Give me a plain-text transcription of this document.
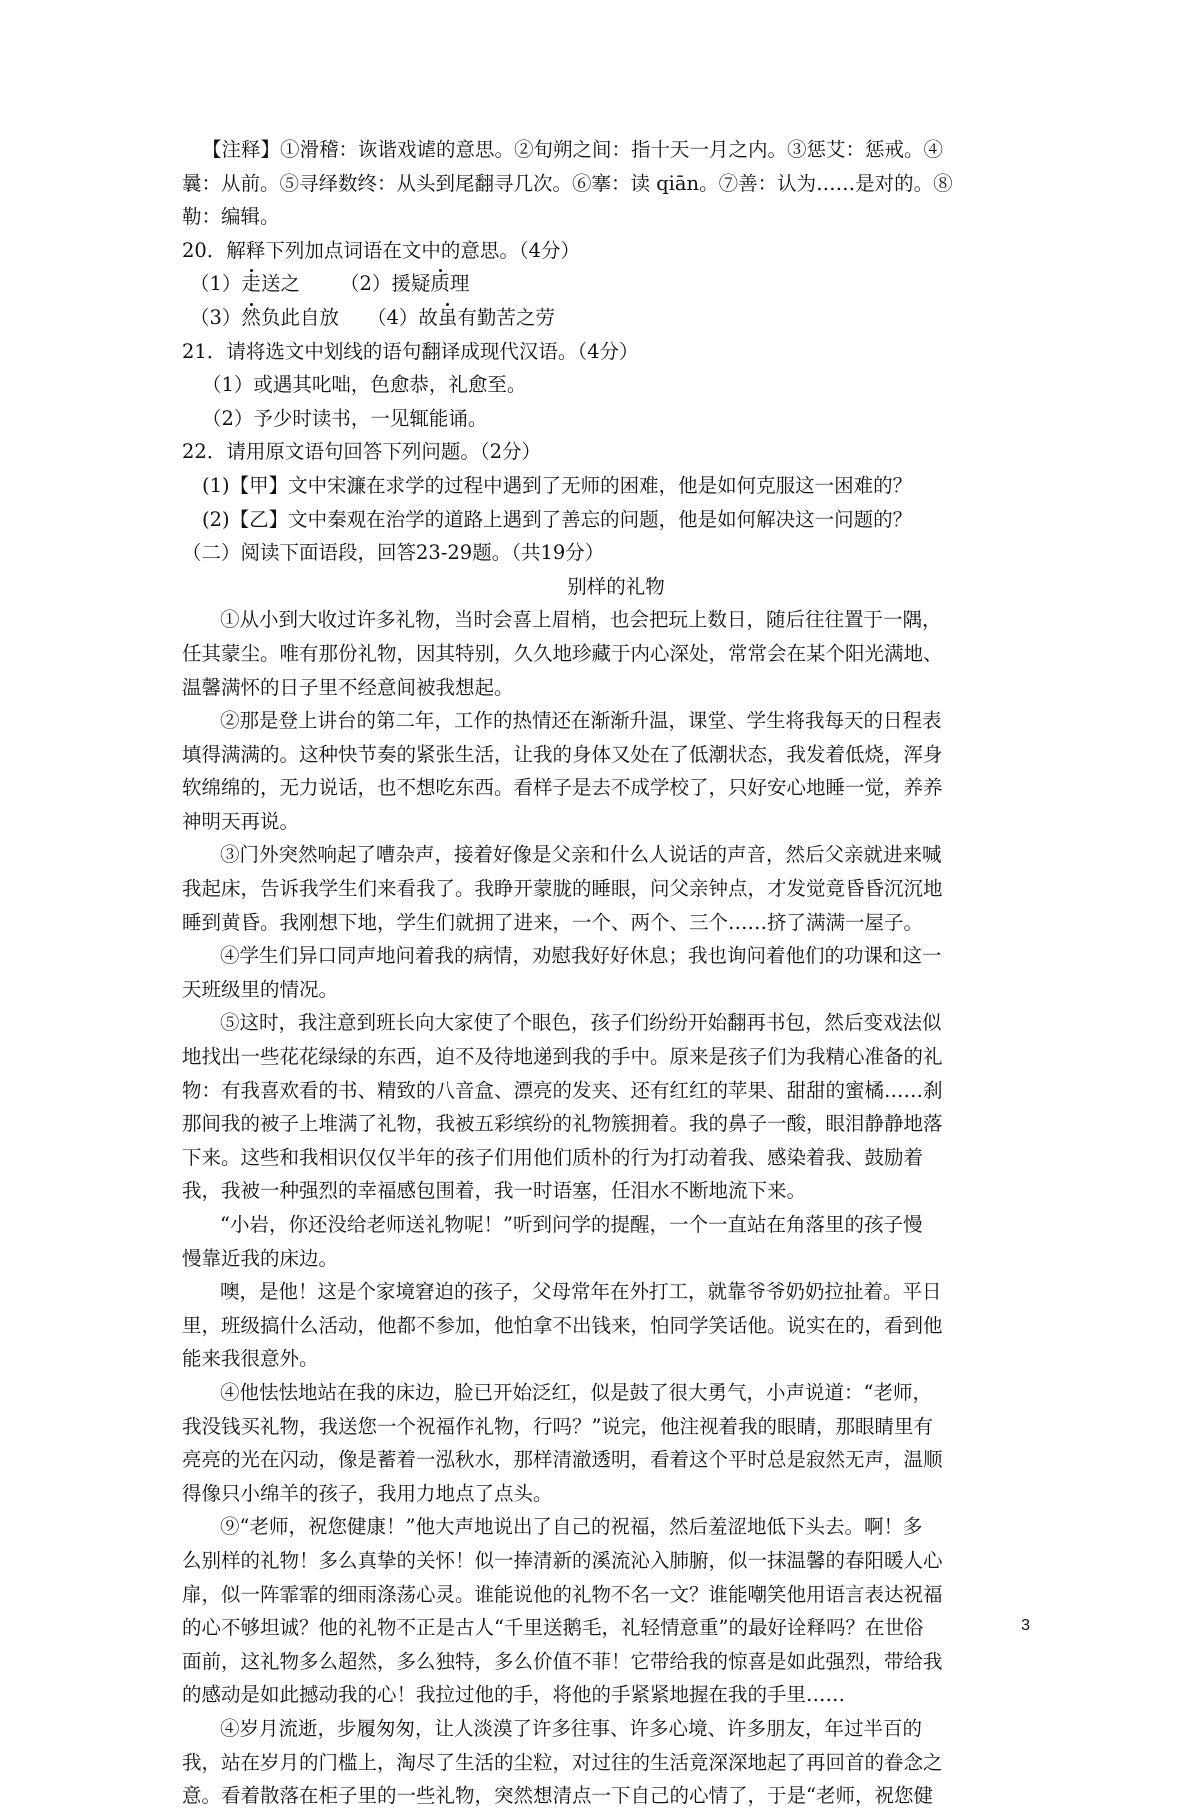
【注释】①滑稽：诙谐戏谑的意思。②旬朔之间：指十天一月之内。③惩艾：惩戒。④
曩：从前。⑤寻绎数终：从头到尾翻寻几次。⑥搴：读 qiān。⑦善：认为……是对的。⑧
勒：编辑。
20．解释下列加点词语在文中的意思。（4分）
（1）走送之 （2）援疑质理
（3）然负此自放 （4）故虽有勤苦之劳
21．请将选文中划线的语句翻译成现代汉语。（4分）
（1）或遇其叱咄，色愈恭，礼愈至。
（2）予少时读书，一见辄能诵。
22．请用原文语句回答下列问题。（2分）
(1)【甲】文中宋濂在求学的过程中遇到了无师的困难，他是如何克服这一困难的？
(2)【乙】文中秦观在治学的道路上遇到了善忘的问题，他是如何解决这一问题的？
（二）阅读下面语段，回答23-29题。（共19分）
别样的礼物
①从小到大收过许多礼物，当时会喜上眉梢，也会把玩上数日，随后往往置于一隅，
任其蒙尘。唯有那份礼物，因其特别，久久地珍藏于内心深处，常常会在某个阳光满地、
温馨满怀的日子里不经意间被我想起。
②那是登上讲台的第二年，工作的热情还在渐渐升温，课堂、学生将我每天的日程表
填得满满的。这种快节奏的紧张生活，让我的身体又处在了低潮状态，我发着低烧，浑身
软绵绵的，无力说话，也不想吃东西。看样子是去不成学校了，只好安心地睡一觉，养养
神明天再说。
③门外突然响起了嘈杂声，接着好像是父亲和什么人说话的声音，然后父亲就进来喊
我起床，告诉我学生们来看我了。我睁开蒙胧的睡眼，问父亲钟点，才发觉竟昏昏沉沉地
睡到黄昏。我刚想下地，学生们就拥了进来，一个、两个、三个……挤了满满一屋子。
④学生们异口同声地问着我的病情，劝慰我好好休息；我也询问着他们的功课和这一
天班级里的情况。
⑤这时，我注意到班长向大家使了个眼色，孩子们纷纷开始翻再书包，然后变戏法似
地找出一些花花绿绿的东西，迫不及待地递到我的手中。原来是孩子们为我精心准备的礼
物：有我喜欢看的书、精致的八音盒、漂亮的发夹、还有红红的苹果、甜甜的蜜橘……刹
那间我的被子上堆满了礼物，我被五彩缤纷的礼物簇拥着。我的鼻子一酸，眼泪静静地落
下来。这些和我相识仅仅半年的孩子们用他们质朴的行为打动着我、感染着我、鼓励着
我，我被一种强烈的幸福感包围着，我一时语塞，任泪水不断地流下来。
“小岩，你还没给老师送礼物呢！”听到问学的提醒，一个一直站在角落里的孩子慢
慢靠近我的床边。
噢，是他！这是个家境窘迫的孩子，父母常年在外打工，就靠爷爷奶奶拉扯着。平日
里，班级搞什么活动，他都不参加，他怕拿不出钱来，怕同学笑话他。说实在的，看到他
能来我很意外。
④他怯怯地站在我的床边，脸已开始泛红，似是鼓了很大勇气，小声说道：“老师，
我没钱买礼物，我送您一个祝福作礼物，行吗？”说完，他注视着我的眼睛，那眼睛里有
亮亮的光在闪动，像是蓄着一泓秋水，那样清澈透明，看着这个平时总是寂然无声，温顺
得像只小绵羊的孩子，我用力地点了点头。
⑨“老师，祝您健康！”他大声地说出了自己的祝福，然后羞涩地低下头去。啊！多
么别样的礼物！多么真挚的关怀！似一捧清新的溪流沁入肺腑，似一抹温馨的春阳暖人心
扉，似一阵霏霏的细雨涤荡心灵。谁能说他的礼物不名一文？谁能嘲笑他用语言表达祝福
的心不够坦诚？他的礼物不正是古人“千里送鹅毛，礼轻情意重”的最好诠释吗？在世俗
面前，这礼物多么超然，多么独特，多么价值不菲！它带给我的惊喜是如此强烈，带给我
的感动是如此撼动我的心！我拉过他的手，将他的手紧紧地握在我的手里……
④岁月流逝，步履匆匆，让人淡漠了许多往事、许多心境、许多朋友，年过半百的
我，站在岁月的门槛上，淘尽了生活的尘粒，对过往的生活竟深深地起了再回首的眷念之
意。看着散落在柜子里的一些礼物，突然想清点一下自己的心情了，于是“老师，祝您健
3
